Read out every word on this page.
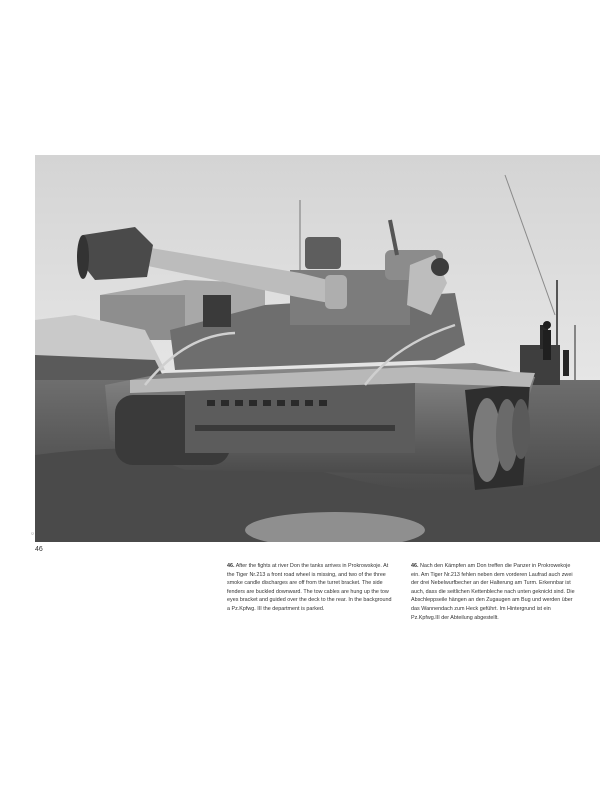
©
46
46. After the fights at river Don the tanks arrives in Prokrowskoje. At the Tiger Nr.213 a front road wheel is missing, and two of the three smoke candle discharges are off from the turret bracket. The side fenders are buckled downward. The tow cables are hung up the tow eyes bracket and guided over the deck to the rear. In the background a Pz.Kpfwg. III the department is parked.
46. Nach den Kämpfen am Don treffen die Panzer in Prokrowekoje ein. Am Tiger Nr.213 fehlen neben dem vorderen Laufrad auch zwei der drei Nebelwurfbecher an der Halterung am Turm. Erkennbar ist auch, dass die seitlichen Kettenbleche nach unten geknickt sind. Die Abschleppseile hängen an den Zugaugen am Bug und werden über das Wannendach zum Heck geführt. Im Hintergrund ist ein Pz.Kpfwg.III der Abteilung abgestellt.
